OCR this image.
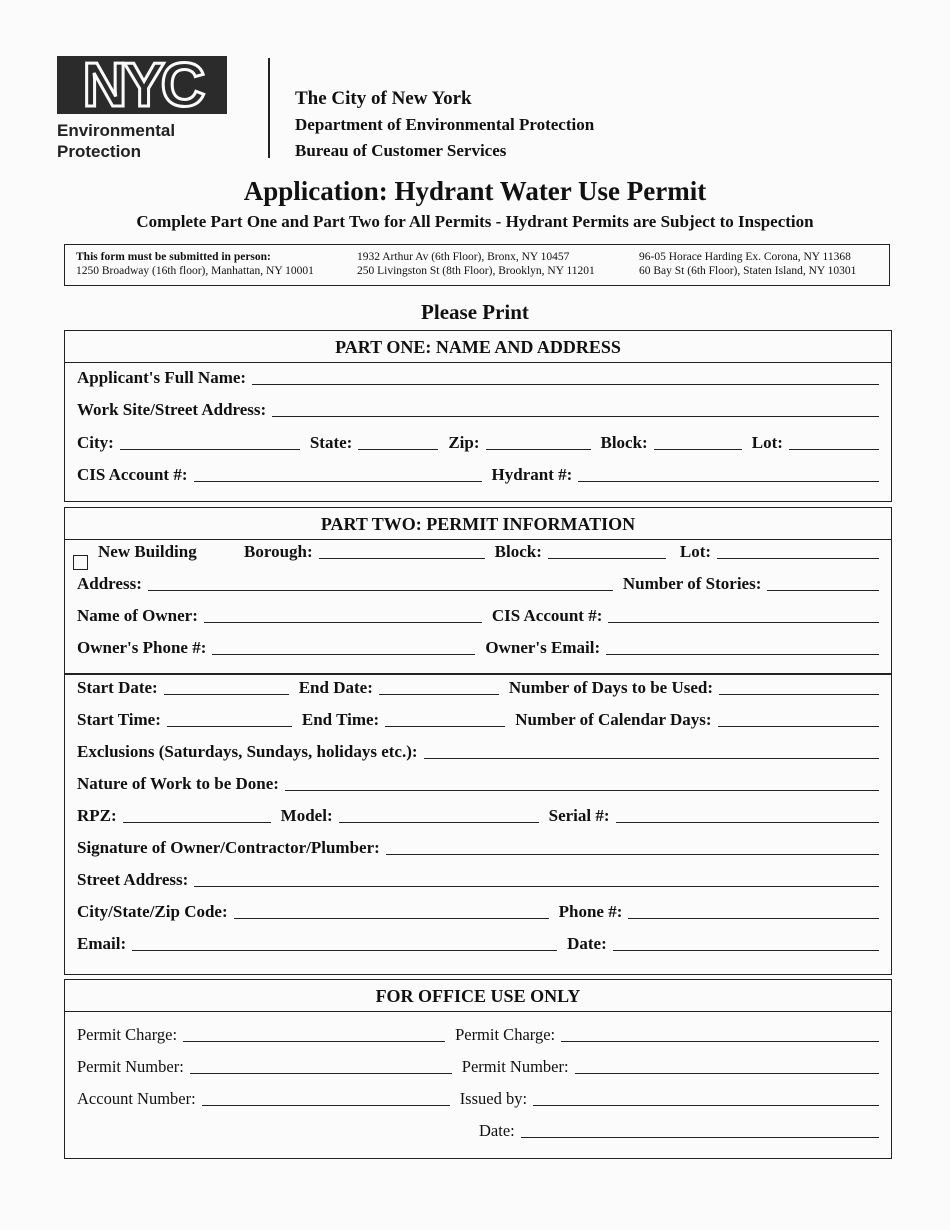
NYC
Environmental
Protection
The City of New York
Department of Environmental Protection
Bureau of Customer Services
Application: Hydrant Water Use Permit
Complete Part One and Part Two for All Permits - Hydrant Permits are Subject to Inspection
This form must be submitted in person:
1250 Broadway (16th floor), Manhattan, NY 10001
1932 Arthur Av (6th Floor), Bronx, NY 10457
250 Livingston St (8th Floor), Brooklyn, NY 11201
96-05 Horace Harding Ex. Corona, NY 11368
60 Bay St (6th Floor), Staten Island, NY 10301
Please Print
PART ONE: NAME AND ADDRESS
Applicant's Full Name:
Work Site/Street Address:
City:	State:	Zip:	Block:	Lot:
CIS Account #:	Hydrant #:
PART TWO: PERMIT INFORMATION
New Building	Borough:	Block:	Lot:
Address:	Number of Stories:
Name of Owner:	CIS Account #:
Owner's Phone #:	Owner's Email:
Start Date:	End Date:	Number of Days to be Used:
Start Time:	End Time:	Number of Calendar Days:
Exclusions (Saturdays, Sundays, holidays etc.):
Nature of Work to be Done:
RPZ:	Model:	Serial #:
Signature of Owner/Contractor/Plumber:
Street Address:
City/State/Zip Code:	Phone #:
Email:	Date:
FOR OFFICE USE ONLY
Permit Charge:	Permit Charge:
Permit Number:	Permit Number:
Account Number:	Issued by:
Date:
